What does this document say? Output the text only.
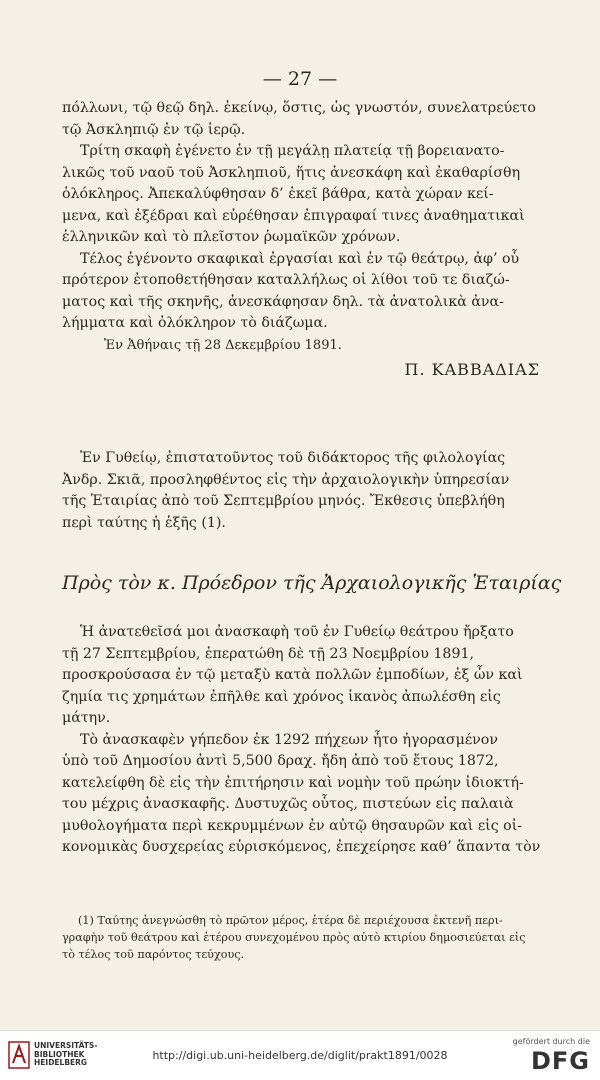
— 27 —
πόλλωνι, τῷ θεῷ δηλ. ἐκείνῳ, ὅστις, ὡς γνωστόν, συνελατρεύετο
τῷ Ἀσκληπιῷ ἐν τῷ ἱερῷ.
Τρίτη σκαφὴ ἐγένετο ἐν τῇ μεγάλῃ πλατείᾳ τῇ βορειανατο-
λικῶς τοῦ ναοῦ τοῦ Ἀσκληπιοῦ, ἥτις ἀνεσκάφη καὶ ἐκαθαρίσθη
ὁλόκληρος. Ἀπεκαλύφθησαν δ’ ἐκεῖ βάθρα, κατὰ χώραν κεί-
μενα, καὶ ἐξέδραι καὶ εὑρέθησαν ἐπιγραφαί τινες ἀναθηματικαὶ
ἑλληνικῶν καὶ τὸ πλεῖστον ῥωμαϊκῶν χρόνων.
Τέλος ἐγένοντο σκαφικαὶ ἐργασίαι καὶ ἐν τῷ θεάτρῳ, ἀφ’ οὗ
πρότερον ἐτοποθετήθησαν καταλλήλως οἱ λίθοι τοῦ τε διαζώ-
ματος καὶ τῆς σκηνῆς, ἀνεσκάφησαν δηλ. τὰ ἀνατολικὰ ἀνα-
λήμματα καὶ ὁλόκληρον τὸ διάζωμα.
Ἐν Ἀθήναις τῇ 28 Δεκεμβρίου 1891.
Π. ΚΑΒΒΑΔΙΑΣ
Ἐν Γυθείῳ, ἐπιστατοῦντος τοῦ διδάκτορος τῆς φιλολογίας
Ἀνδρ. Σκιᾶ, προσληφθέντος εἰς τὴν ἀρχαιολογικὴν ὑπηρεσίαν
τῆς Ἑταιρίας ἀπὸ τοῦ Σεπτεμβρίου μηνός. Ἔκθεσις ὑπεβλήθη
περὶ ταύτης ἡ ἑξῆς (1).
Πρὸς τὸν κ. Πρόεδρον τῆς Ἀρχαιολογικῆς Ἑταιρίας
Ἡ ἀνατεθεῖσά μοι ἀνασκαφὴ τοῦ ἐν Γυθείῳ θεάτρου ἤρξατο
τῇ 27 Σεπτεμβρίου, ἐπερατώθη δὲ τῇ 23 Νοεμβρίου 1891,
προσκρούσασα ἐν τῷ μεταξὺ κατὰ πολλῶν ἐμποδίων, ἐξ ὧν καὶ
ζημία τις χρημάτων ἐπῆλθε καὶ χρόνος ἱκανὸς ἀπωλέσθη εἰς
μάτην.
Τὸ ἀνασκαφὲν γήπεδον ἐκ 1292 πήχεων ἦτο ἠγορασμένον
ὑπὸ τοῦ Δημοσίου ἀντὶ 5,500 δραχ. ἤδη ἀπὸ τοῦ ἔτους 1872,
κατελείφθη δὲ εἰς τὴν ἐπιτήρησιν καὶ νομὴν τοῦ πρώην ἰδιοκτή-
του μέχρις ἀνασκαφῆς. Δυστυχῶς οὗτος, πιστεύων εἰς παλαιὰ
μυθολογήματα περὶ κεκρυμμένων ἐν αὐτῷ θησαυρῶν καὶ εἰς οἰ-
κονομικὰς δυσχερείας εὑρισκόμενος, ἐπεχείρησε καθ’ ἅπαντα τὸν
(1) Ταύτης ἀνεγνώσθη τὸ πρῶτον μέρος, ἑτέρα δὲ περιέχουσα ἐκτενῆ περι-
γραφὴν τοῦ θεάτρου καὶ ἑτέρου συνεχομένου πρὸς αὐτὸ κτιρίου δημοσιεύεται εἰς
τὸ τέλος τοῦ παρόντος τεύχους.
UNIVERSITÄTS-
BIBLIOTHEK
HEIDELBERG
http://digi.ub.uni-heidelberg.de/diglit/prakt1891/0028
gefördert durch die
DFG
